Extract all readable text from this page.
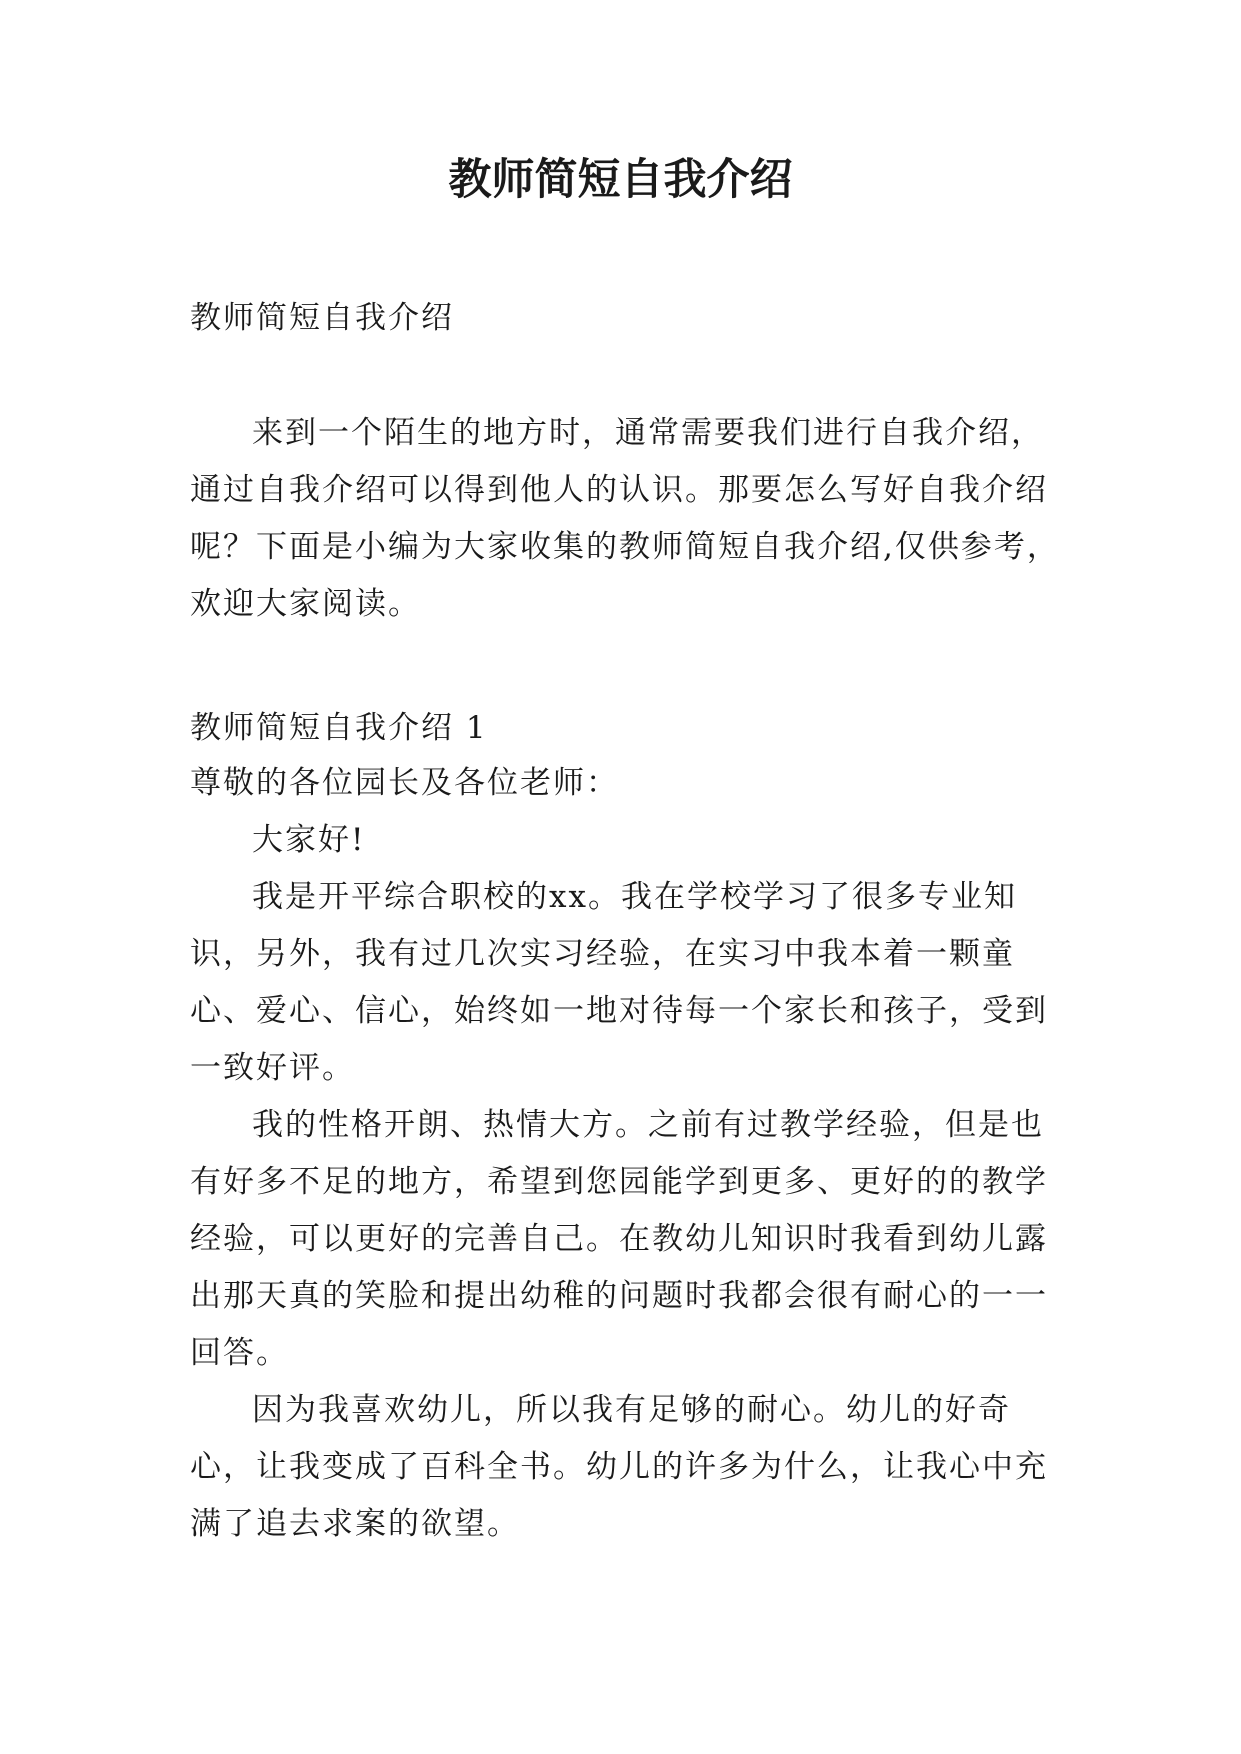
教师简短自我介绍
教师简短自我介绍

来到一个陌生的地方时，通常需要我们进行自我介绍，通过自我介绍可以得到他人的认识。那要怎么写好自我介绍呢？下面是小编为大家收集的教师简短自我介绍,仅供参考，欢迎大家阅读。

教师简短自我介绍 1
尊敬的各位园长及各位老师：

大家好!

我是开平综合职校的xx。我在学校学习了很多专业知识，另外，我有过几次实习经验，在实习中我本着一颗童心、爱心、信心，始终如一地对待每一个家长和孩子，受到一致好评。

我的性格开朗、热情大方。之前有过教学经验，但是也有好多不足的地方，希望到您园能学到更多、更好的的教学经验，可以更好的完善自己。在教幼儿知识时我看到幼儿露出那天真的笑脸和提出幼稚的问题时我都会很有耐心的一一回答。

因为我喜欢幼儿，所以我有足够的耐心。幼儿的好奇心，让我变成了百科全书。幼儿的许多为什么，让我心中充满了追去求案的欲望。
